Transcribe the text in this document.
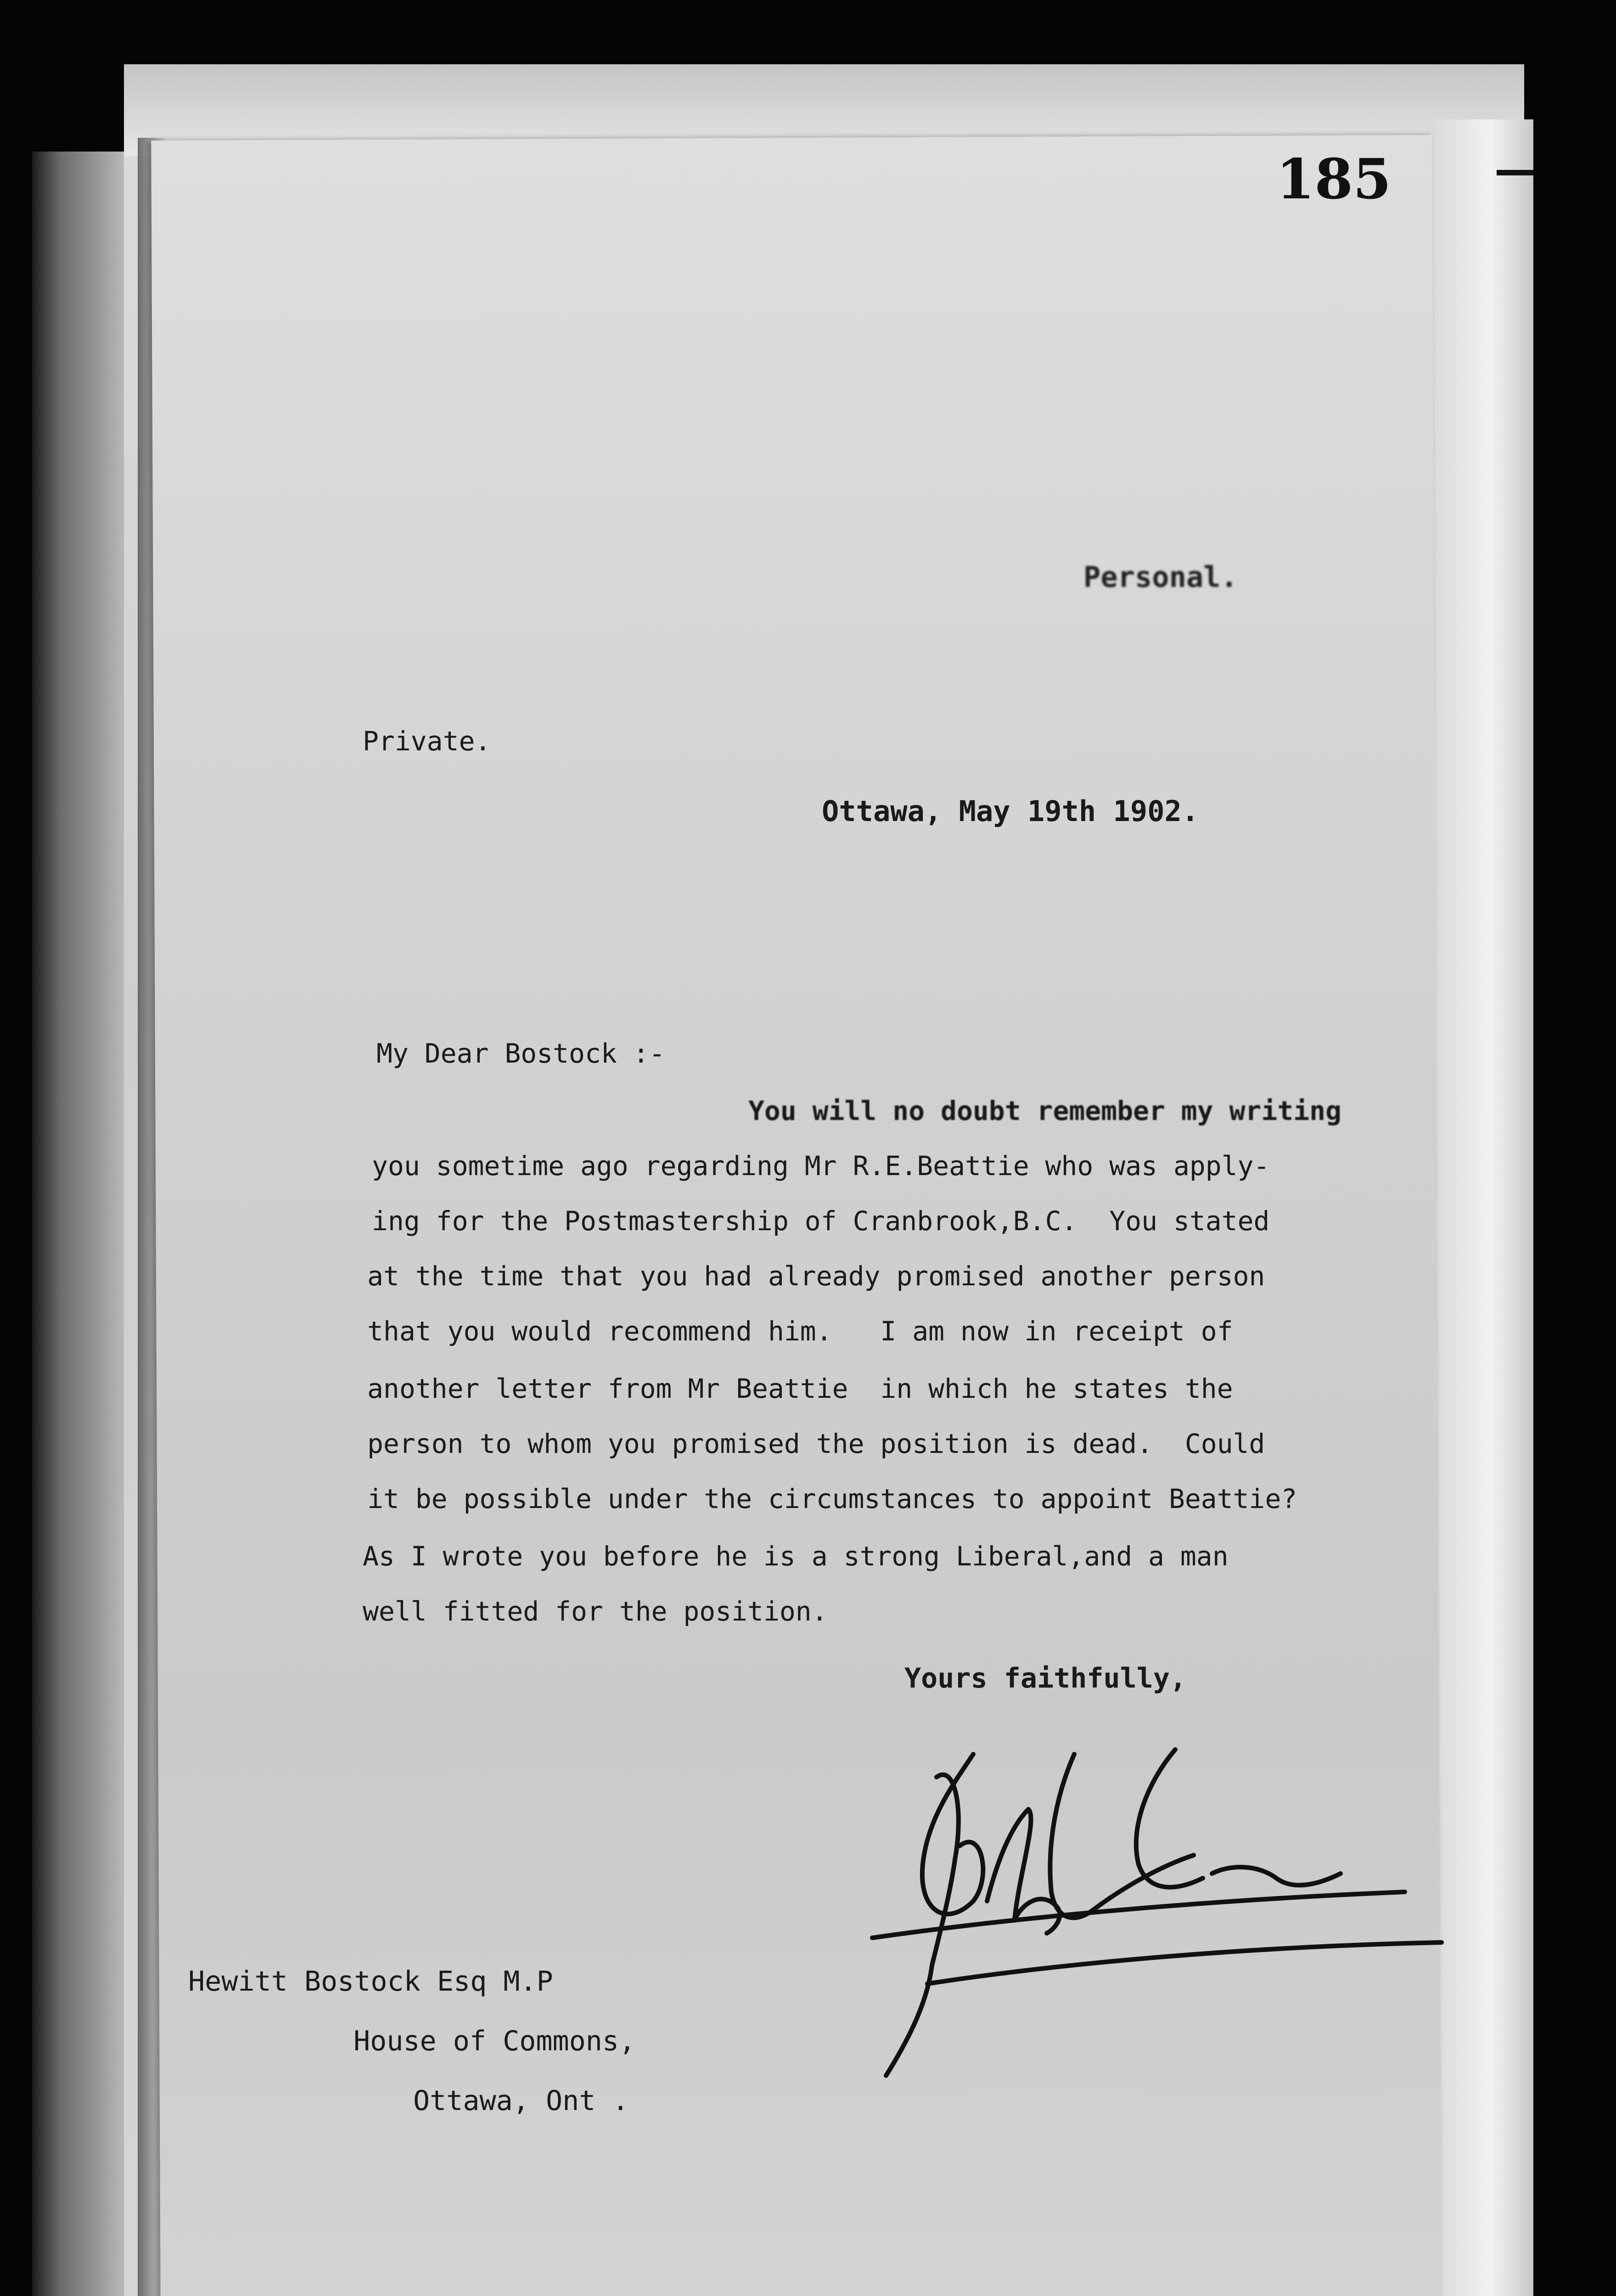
185
Personal.
Private.
Ottawa, May 19th 1902.
My Dear Bostock :-
You will no doubt remember my writing
you sometime ago regarding Mr R.E.Beattie who was apply-
ing for the Postmastership of Cranbrook,B.C.  You stated
at the time that you had already promised another person
that you would recommend him.   I am now in receipt of
another letter from Mr Beattie  in which he states the
person to whom you promised the position is dead.  Could
it be possible under the circumstances to appoint Beattie?
As I wrote you before he is a strong Liberal,and a man
well fitted for the position.
Yours faithfully,
Clifford Sifton
Hewitt Bostock Esq M.P
House of Commons,
Ottawa, Ont .
